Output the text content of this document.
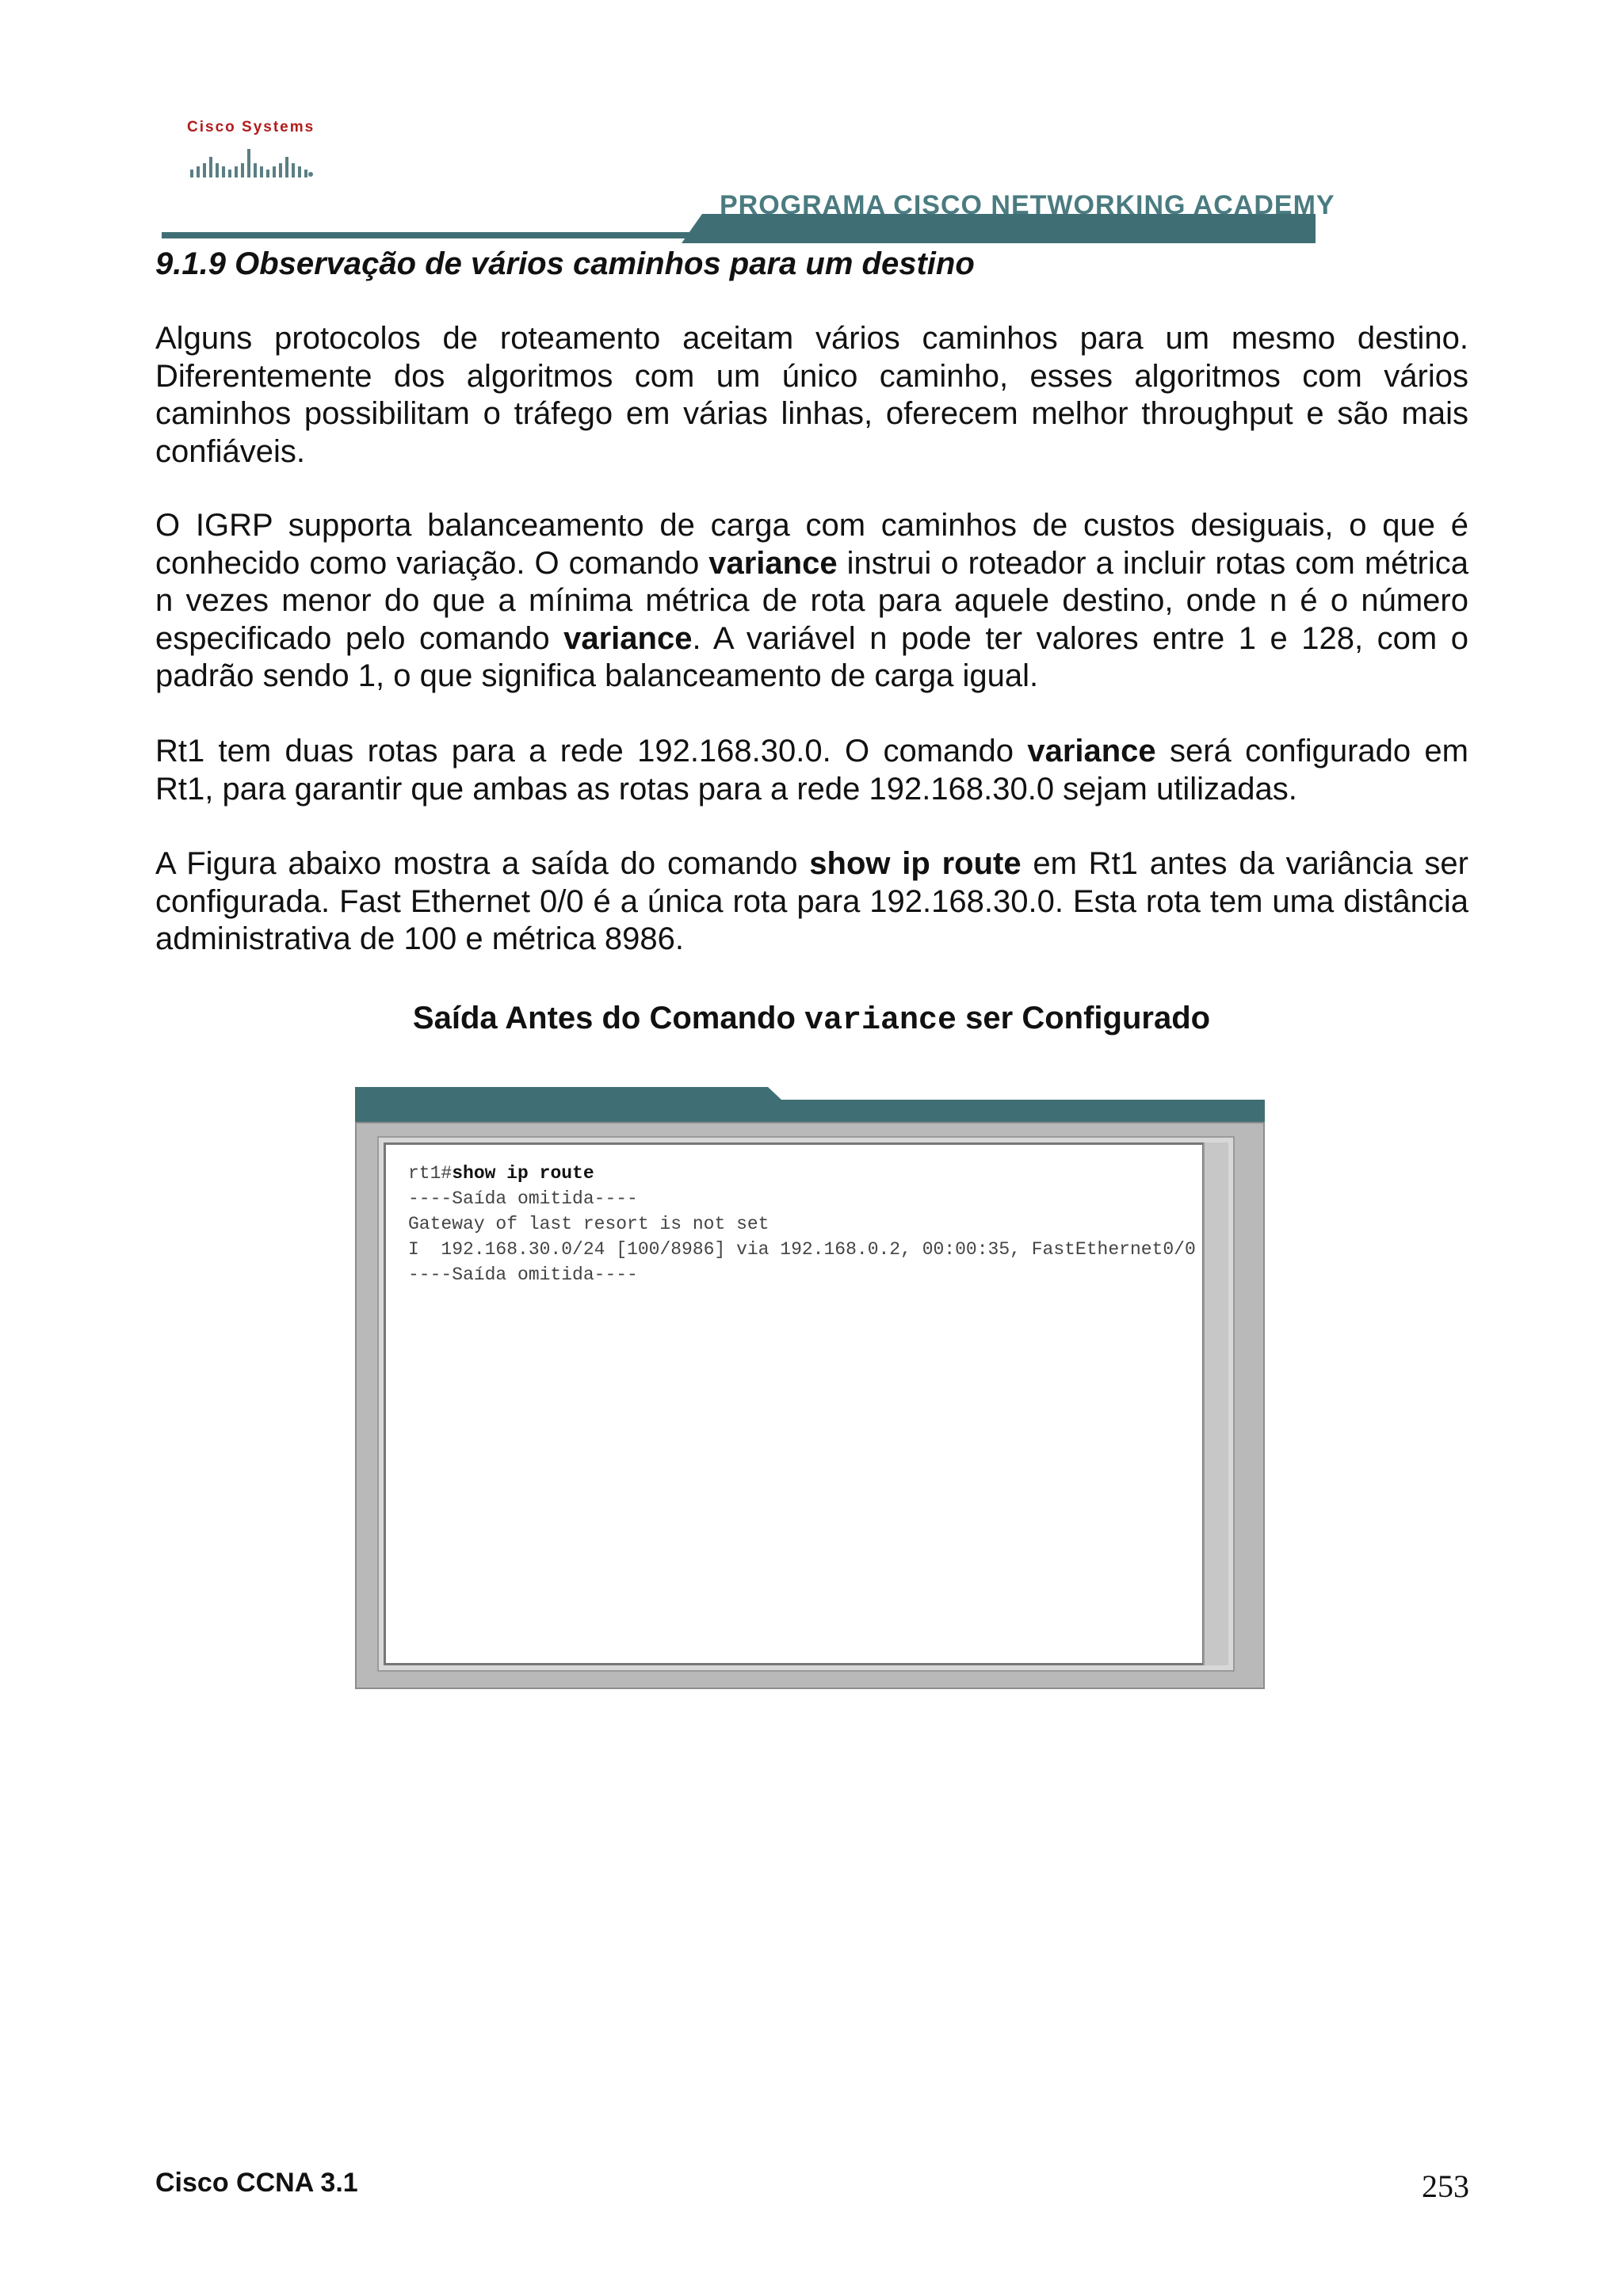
Cisco Systems
PROGRAMA CISCO NETWORKING ACADEMY
9.1.9 Observação de vários caminhos para um destino

Alguns protocolos de roteamento aceitam vários caminhos para um mesmo destino. Diferentemente dos algoritmos com um único caminho, esses algoritmos com vários caminhos possibilitam o tráfego em várias linhas, oferecem melhor throughput e são mais confiáveis.

O IGRP supporta balanceamento de carga com caminhos de custos desiguais, o que é conhecido como variação. O comando variance instrui o roteador a incluir rotas com métrica n vezes menor do que a mínima métrica de rota para aquele destino, onde n é o número especificado pelo comando variance. A variável n pode ter valores entre 1 e 128, com o padrão sendo 1, o que significa balanceamento de carga igual.

Rt1 tem duas rotas para a rede 192.168.30.0. O comando variance será configurado em Rt1, para garantir que ambas as rotas para a rede 192.168.30.0 sejam utilizadas.

A Figura abaixo mostra a saída do comando show ip route em Rt1 antes da variância ser configurada. Fast Ethernet 0/0 é a única rota para 192.168.30.0. Esta rota tem uma distância administrativa de 100 e métrica 8986.

Saída Antes do Comando variance ser Configurado
rt1#show ip route
----Saída omitida----
Gateway of last resort is not set
I  192.168.30.0/24 [100/8986] via 192.168.0.2, 00:00:35, FastEthernet0/0
----Saída omitida----
Cisco CCNA 3.1	253
